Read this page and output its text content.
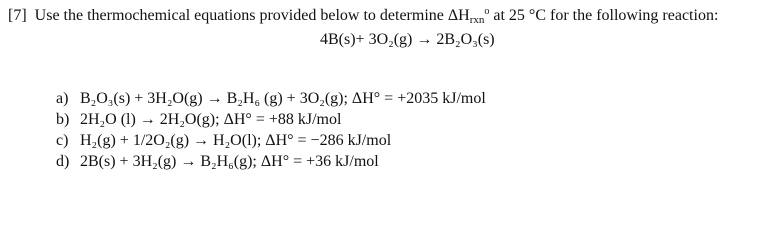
[7] Use the thermochemical equations provided below to determine $\Delta H_{rxn}^o$ at 25 °C for the following reaction:
4B(s)+ 3O₂(g) → 2B₂O₃(s)
a) B₂O₃(s) + 3H₂O(g) → B₂H₆ (g) + 3O₂(g); ΔH° = +2035 kJ/mol
b) 2H₂O (l) → 2H₂O(g); ΔH° = +88 kJ/mol
c) H₂(g) + 1/2O₂(g) → H₂O(l); ΔH° = −286 kJ/mol
d) 2B(s) + 3H₂(g) → B₂H₆(g); ΔH° = +36 kJ/mol
